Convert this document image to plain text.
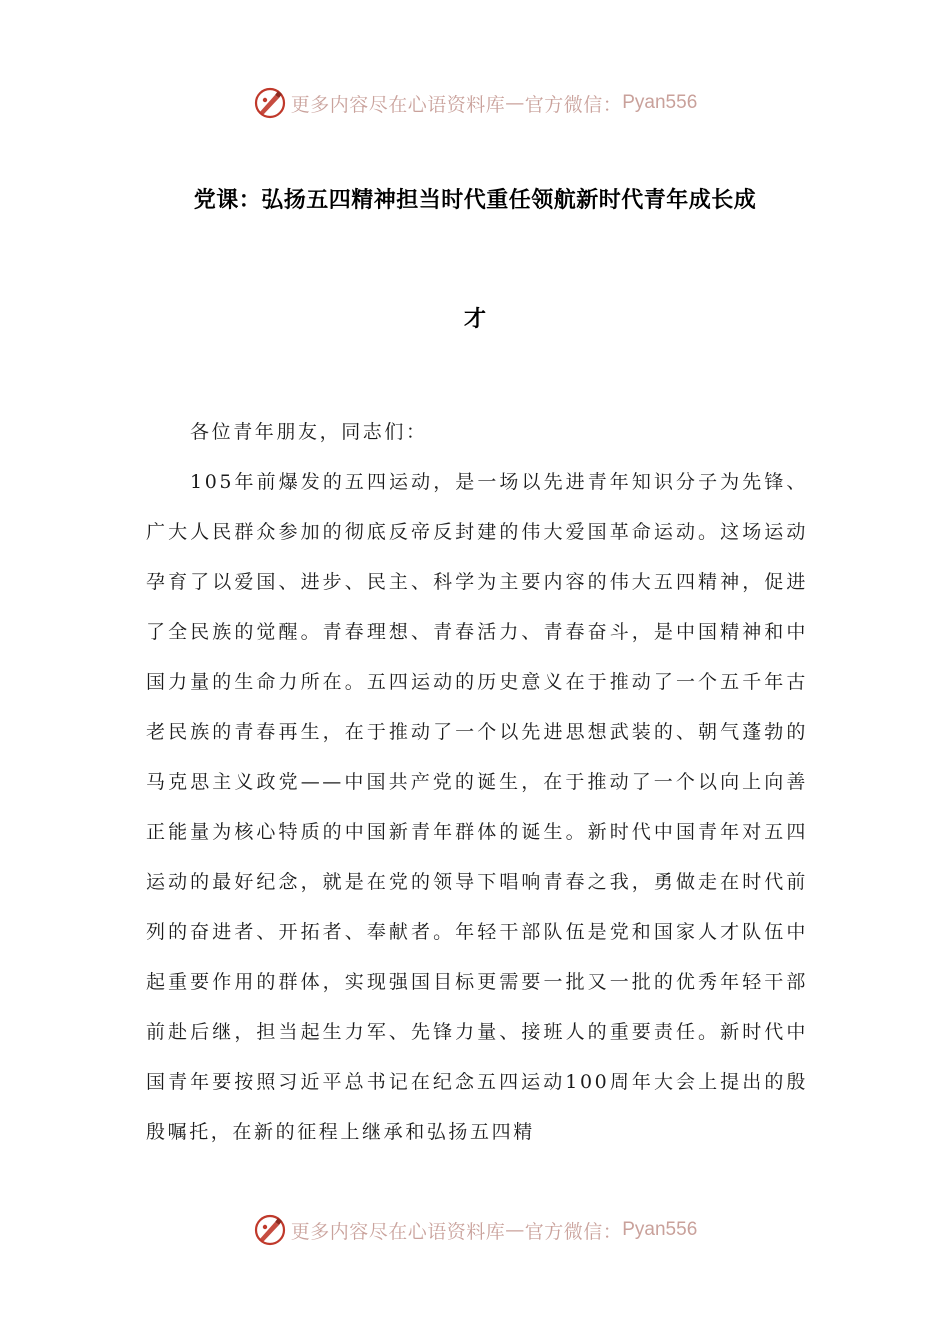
更多内容尽在心语资料库 — 官方微信： Pyan556
党课：弘扬五四精神担当时代重任领航新时代青年成长成
才

各位青年朋友，同志们：

105年前爆发的五四运动，是一场以先进青年知识分子为先锋、广大人民群众参加的彻底反帝反封建的伟大爱国革命运动。这场运动孕育了以爱国、进步、民主、科学为主要内容的伟大五四精神，促进了全民族的觉醒。青春理想、青春活力、青春奋斗，是中国精神和中国力量的生命力所在。五四运动的历史意义在于推动了一个五千年古老民族的青春再生，在于推动了一个以先进思想武装的、朝气蓬勃的马克思主义政党——中国共产党的诞生，在于推动了一个以向上向善正能量为核心特质的中国新青年群体的诞生。新时代中国青年对五四运动的最好纪念，就是在党的领导下唱响青春之我，勇做走在时代前列的奋进者、开拓者、奉献者。年轻干部队伍是党和国家人才队伍中起重要作用的群体，实现强国目标更需要一批又一批的优秀年轻干部前赴后继，担当起生力军、先锋力量、接班人的重要责任。新时代中国青年要按照习近平总书记在纪念五四运动100周年大会上提出的殷殷嘱托，在新的征程上继承和弘扬五四精

更多内容尽在心语资料库 — 官方微信： Pyan556
